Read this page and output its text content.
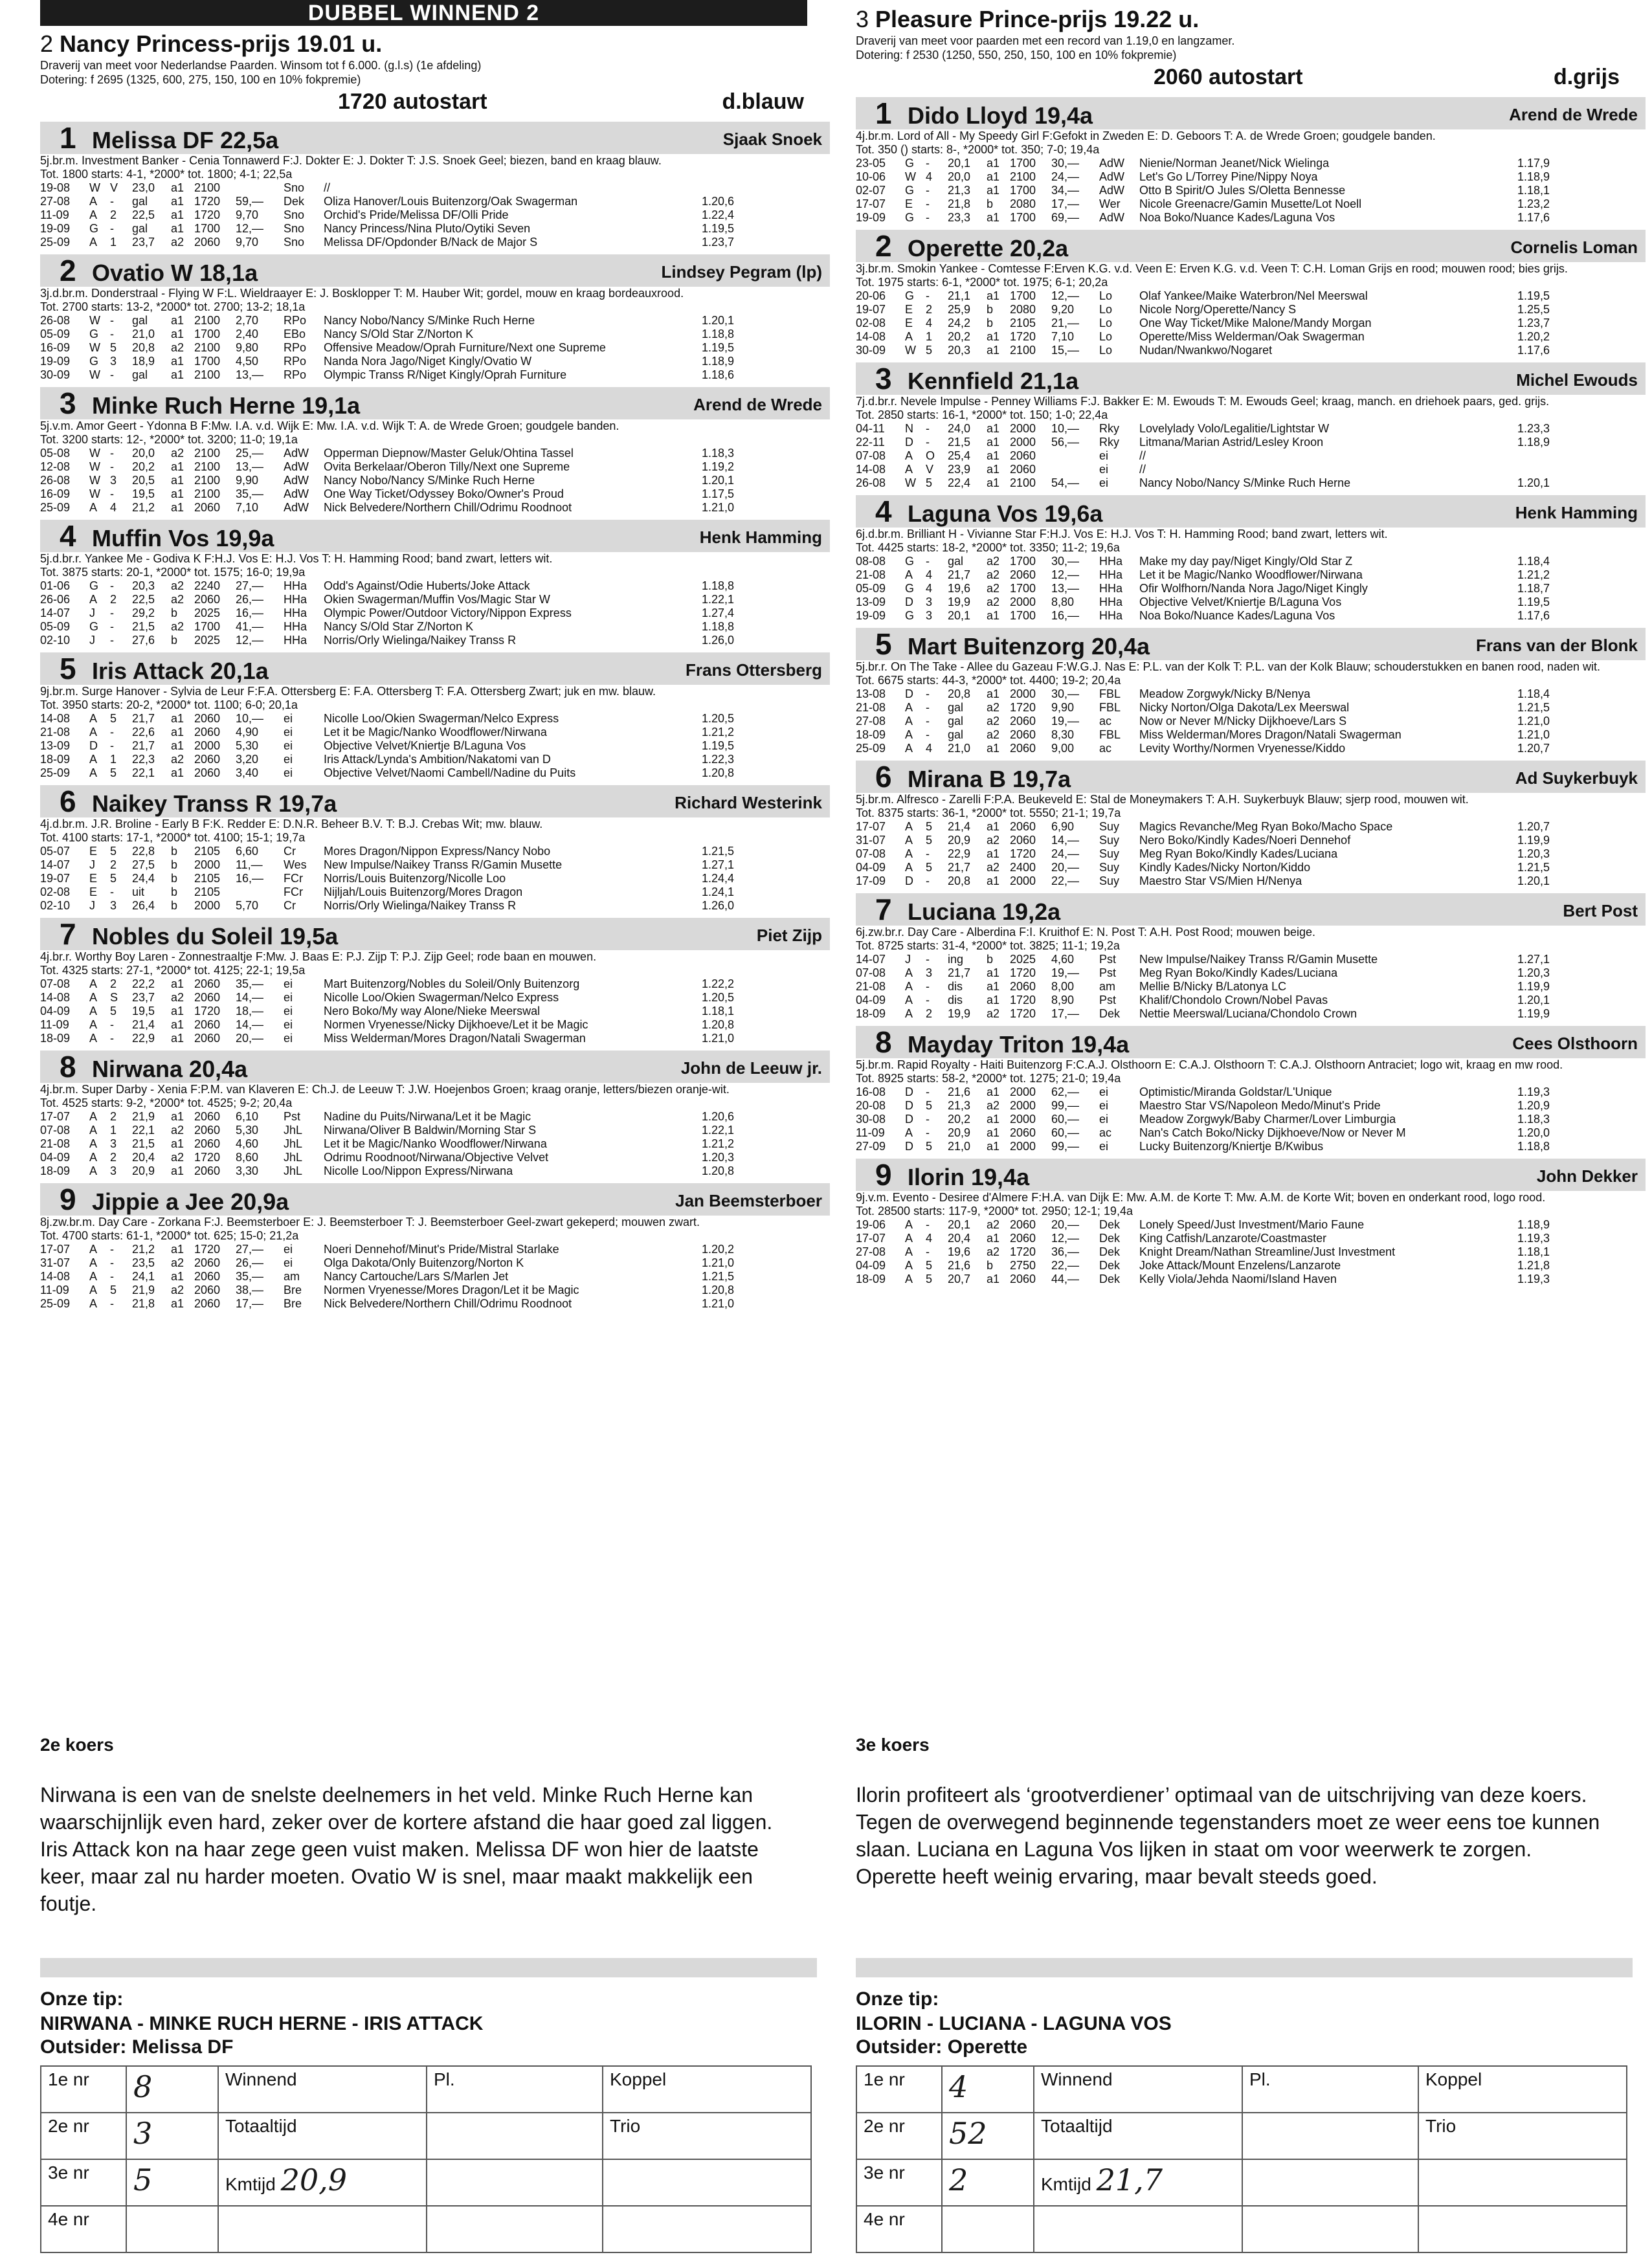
DUBBEL WINNEND 2
2 Nancy Princess-prijs 19.01 u.
Draverij van meet voor Nederlandse Paarden. Winsom tot f 6.000. (g.l.s) (1e afdeling)
Dotering: f 2695 (1325, 600, 275, 150, 100 en 10% fokpremie)
1720 autostart	d.blauw
1 Melissa DF 22,5a	Sjaak Snoek
5j.br.m. Investment Banker - Cenia Tonnawerd F:J. Dokter E: J. Dokter T: J.S. Snoek Geel; biezen, band en kraag blauw.
Tot. 1800 starts: 4-1, *2000* tot. 1800; 4-1; 22,5a
19-08	W	V	23,0	a1	2100		Sno	//	
27-08	A	-	gal	a1	1720	59,—	Dek	Oliza Hanover/Louis Buitenzorg/Oak Swagerman	1.20,6
11-09	A	2	22,5	a1	1720	9,70	Sno	Orchid's Pride/Melissa DF/Olli Pride	1.22,4
19-09	G	-	gal	a1	1700	12,—	Sno	Nancy Princess/Nina Pluto/Oytiki Seven	1.19,5
25-09	A	1	23,7	a2	2060	9,70	Sno	Melissa DF/Opdonder B/Nack de Major S	1.23,7
2 Ovatio W 18,1a	Lindsey Pegram (lp)
3j.d.br.m. Donderstraal - Flying W F:L. Wieldraayer E: J. Bosklopper T: M. Hauber Wit; gordel, mouw en kraag bordeauxrood.
Tot. 2700 starts: 13-2, *2000* tot. 2700; 13-2; 18,1a
26-08	W	-	gal	a1	2100	2,70	RPo	Nancy Nobo/Nancy S/Minke Ruch Herne	1.20,1
05-09	G	-	21,0	a1	1700	2,40	EBo	Nancy S/Old Star Z/Norton K	1.18,8
16-09	W	5	20,8	a2	2100	9,80	RPo	Offensive Meadow/Oprah Furniture/Next one Supreme	1.19,5
19-09	G	3	18,9	a1	1700	4,50	RPo	Nanda Nora Jago/Niget Kingly/Ovatio W	1.18,9
30-09	W	-	gal	a1	2100	13,—	RPo	Olympic Transs R/Niget Kingly/Oprah Furniture	1.18,6
3 Minke Ruch Herne 19,1a	Arend de Wrede
5j.v.m. Amor Geert - Ydonna B F:Mw. I.A. v.d. Wijk E: Mw. I.A. v.d. Wijk T: A. de Wrede Groen; goudgele banden.
Tot. 3200 starts: 12-, *2000* tot. 3200; 11-0; 19,1a
05-08	W	-	20,0	a2	2100	25,—	AdW	Opperman Diepnow/Master Geluk/Ohtina Tassel	1.18,3
12-08	W	-	20,2	a1	2100	13,—	AdW	Ovita Berkelaar/Oberon Tilly/Next one Supreme	1.19,2
26-08	W	3	20,5	a1	2100	9,90	AdW	Nancy Nobo/Nancy S/Minke Ruch Herne	1.20,1
16-09	W	-	19,5	a1	2100	35,—	AdW	One Way Ticket/Odyssey Boko/Owner's Proud	1.17,5
25-09	A	4	21,2	a1	2060	7,10	AdW	Nick Belvedere/Northern Chill/Odrimu Roodnoot	1.21,0
4 Muffin Vos 19,9a	Henk Hamming
5j.d.br.r. Yankee Me - Godiva K F:H.J. Vos E: H.J. Vos T: H. Hamming Rood; band zwart, letters wit.
Tot. 3875 starts: 20-1, *2000* tot. 1575; 16-0; 19,9a
01-06	G	-	20,3	a2	2240	27,—	HHa	Odd's Against/Odie Huberts/Joke Attack	1.18,8
26-06	A	2	22,5	a2	2060	26,—	HHa	Okien Swagerman/Muffin Vos/Magic Star W	1.22,1
14-07	J	-	29,2	b	2025	16,—	HHa	Olympic Power/Outdoor Victory/Nippon Express	1.27,4
05-09	G	-	21,5	a2	1700	41,—	HHa	Nancy S/Old Star Z/Norton K	1.18,8
02-10	J	-	27,6	b	2025	12,—	HHa	Norris/Orly Wielinga/Naikey Transs R	1.26,0
5 Iris Attack 20,1a	Frans Ottersberg
9j.br.m. Surge Hanover - Sylvia de Leur F:F.A. Ottersberg E: F.A. Ottersberg T: F.A. Ottersberg Zwart; juk en mw. blauw.
Tot. 3950 starts: 20-2, *2000* tot. 1100; 6-0; 20,1a
14-08	A	5	21,7	a1	2060	10,—	ei	Nicolle Loo/Okien Swagerman/Nelco Express	1.20,5
21-08	A	-	22,6	a1	2060	4,90	ei	Let it be Magic/Nanko Woodflower/Nirwana	1.21,2
13-09	D	-	21,7	a1	2000	5,30	ei	Objective Velvet/Kniertje B/Laguna Vos	1.19,5
18-09	A	1	22,3	a2	2060	3,20	ei	Iris Attack/Lynda's Ambition/Nakatomi van D	1.22,3
25-09	A	5	22,1	a1	2060	3,40	ei	Objective Velvet/Naomi Cambell/Nadine du Puits	1.20,8
6 Naikey Transs R 19,7a	Richard Westerink
4j.d.br.m. J.R. Broline - Early B F:K. Redder E: D.N.R. Beheer B.V. T: B.J. Crebas Wit; mw. blauw.
Tot. 4100 starts: 17-1, *2000* tot. 4100; 15-1; 19,7a
05-07	E	5	22,8	b	2105	6,60	Cr	Mores Dragon/Nippon Express/Nancy Nobo	1.21,5
14-07	J	2	27,5	b	2000	11,—	Wes	New Impulse/Naikey Transs R/Gamin Musette	1.27,1
19-07	E	5	24,4	b	2105	16,—	FCr	Norris/Louis Buitenzorg/Nicolle Loo	1.24,4
02-08	E	-	uit	b	2105		FCr	Nijljah/Louis Buitenzorg/Mores Dragon	1.24,1
02-10	J	3	26,4	b	2000	5,70	Cr	Norris/Orly Wielinga/Naikey Transs R	1.26,0
7 Nobles du Soleil 19,5a	Piet Zijp
4j.br.r. Worthy Boy Laren - Zonnestraaltje F:Mw. J. Baas E: P.J. Zijp T: P.J. Zijp Geel; rode baan en mouwen.
Tot. 4325 starts: 27-1, *2000* tot. 4125; 22-1; 19,5a
07-08	A	2	22,2	a1	2060	35,—	ei	Mart Buitenzorg/Nobles du Soleil/Only Buitenzorg	1.22,2
14-08	A	S	23,7	a2	2060	14,—	ei	Nicolle Loo/Okien Swagerman/Nelco Express	1.20,5
04-09	A	5	19,5	a1	1720	18,—	ei	Nero Boko/My way Alone/Nieke Meerswal	1.18,1
11-09	A	-	21,4	a1	2060	14,—	ei	Normen Vryenesse/Nicky Dijkhoeve/Let it be Magic	1.20,8
18-09	A	-	22,9	a1	2060	20,—	ei	Miss Welderman/Mores Dragon/Natali Swagerman	1.21,0
8 Nirwana 20,4a	John de Leeuw jr.
4j.br.m. Super Darby - Xenia F:P.M. van Klaveren E: Ch.J. de Leeuw T: J.W. Hoejenbos Groen; kraag oranje, letters/biezen oranje-wit.
Tot. 4525 starts: 9-2, *2000* tot. 4525; 9-2; 20,4a
17-07	A	2	21,9	a1	2060	6,10	Pst	Nadine du Puits/Nirwana/Let it be Magic	1.20,6
07-08	A	1	22,1	a2	2060	5,30	JhL	Nirwana/Oliver B Baldwin/Morning Star S	1.22,1
21-08	A	3	21,5	a1	2060	4,60	JhL	Let it be Magic/Nanko Woodflower/Nirwana	1.21,2
04-09	A	2	20,4	a2	1720	8,60	JhL	Odrimu Roodnoot/Nirwana/Objective Velvet	1.20,3
18-09	A	3	20,9	a1	2060	3,30	JhL	Nicolle Loo/Nippon Express/Nirwana	1.20,8
9 Jippie a Jee 20,9a	Jan Beemsterboer
8j.zw.br.m. Day Care - Zorkana F:J. Beemsterboer E: J. Beemsterboer T: J. Beemsterboer Geel-zwart gekeperd; mouwen zwart.
Tot. 4700 starts: 61-1, *2000* tot. 625; 15-0; 21,2a
17-07	A	-	21,2	a1	1720	27,—	ei	Noeri Dennehof/Minut's Pride/Mistral Starlake	1.20,2
31-07	A	-	23,5	a2	2060	26,—	ei	Olga Dakota/Only Buitenzorg/Norton K	1.21,0
14-08	A	-	24,1	a1	2060	35,—	am	Nancy Cartouche/Lars S/Marlen Jet	1.21,5
11-09	A	5	21,9	a2	2060	38,—	Bre	Normen Vryenesse/Mores Dragon/Let it be Magic	1.20,8
25-09	A	-	21,8	a1	2060	17,—	Bre	Nick Belvedere/Northern Chill/Odrimu Roodnoot	1.21,0
3 Pleasure Prince-prijs 19.22 u.
Draverij van meet voor paarden met een record van 1.19,0 en langzamer.
Dotering: f 2530 (1250, 550, 250, 150, 100 en 10% fokpremie)
2060 autostart	d.grijs
1 Dido Lloyd 19,4a	Arend de Wrede
4j.br.m. Lord of All - My Speedy Girl F:Gefokt in Zweden E: D. Geboors T: A. de Wrede Groen; goudgele banden.
Tot. 350 () starts: 8-, *2000* tot. 350; 7-0; 19,4a
23-05	G	-	20,1	a1	1700	30,—	AdW	Nienie/Norman Jeanet/Nick Wielinga	1.17,9
10-06	W	4	20,0	a1	2100	24,—	AdW	Let's Go L/Torrey Pine/Nippy Noya	1.18,9
02-07	G	-	21,3	a1	1700	34,—	AdW	Otto B Spirit/O Jules S/Oletta Bennesse	1.18,1
17-07	E	-	21,8	b	2080	17,—	Wer	Nicole Greenacre/Gamin Musette/Lot Noell	1.23,2
19-09	G	-	23,3	a1	1700	69,—	AdW	Noa Boko/Nuance Kades/Laguna Vos	1.17,6
2 Operette 20,2a	Cornelis Loman
3j.br.m. Smokin Yankee - Comtesse F:Erven K.G. v.d. Veen E: Erven K.G. v.d. Veen T: C.H. Loman Grijs en rood; mouwen rood; bies grijs.
Tot. 1975 starts: 6-1, *2000* tot. 1975; 6-1; 20,2a
20-06	G	-	21,1	a1	1700	12,—	Lo	Olaf Yankee/Maike Waterbron/Nel Meerswal	1.19,5
19-07	E	2	25,9	b	2080	9,20	Lo	Nicole Norg/Operette/Nancy S	1.25,5
02-08	E	4	24,2	b	2105	21,—	Lo	One Way Ticket/Mike Malone/Mandy Morgan	1.23,7
14-08	A	1	20,2	a1	1720	7,10	Lo	Operette/Miss Welderman/Oak Swagerman	1.20,2
30-09	W	5	20,3	a1	2100	15,—	Lo	Nudan/Nwankwo/Nogaret	1.17,6
3 Kennfield 21,1a	Michel Ewouds
7j.d.br.r. Nevele Impulse - Penney Williams F:J. Bakker E: M. Ewouds T: M. Ewouds Geel; kraag, manch. en driehoek paars, ged. grijs.
Tot. 2850 starts: 16-1, *2000* tot. 150; 1-0; 22,4a
04-11	N	-	24,0	a1	2000	10,—	Rky	Lovelylady Volo/Legalitie/Lightstar W	1.23,3
22-11	D	-	21,5	a1	2000	56,—	Rky	Litmana/Marian Astrid/Lesley Kroon	1.18,9
07-08	A	O	25,4	a1	2060		ei	//	
14-08	A	V	23,9	a1	2060		ei	//	
26-08	W	5	22,4	a1	2100	54,—	ei	Nancy Nobo/Nancy S/Minke Ruch Herne	1.20,1
4 Laguna Vos 19,6a	Henk Hamming
6j.d.br.m. Brilliant H - Vivianne Star F:H.J. Vos E: H.J. Vos T: H. Hamming Rood; band zwart, letters wit.
Tot. 4425 starts: 18-2, *2000* tot. 3350; 11-2; 19,6a
08-08	G	-	gal	a2	1700	30,—	HHa	Make my day pay/Niget Kingly/Old Star Z	1.18,4
21-08	A	4	21,7	a2	2060	12,—	HHa	Let it be Magic/Nanko Woodflower/Nirwana	1.21,2
05-09	G	4	19,6	a2	1700	13,—	HHa	Ofir Wolfhorn/Nanda Nora Jago/Niget Kingly	1.18,7
13-09	D	3	19,9	a2	2000	8,80	HHa	Objective Velvet/Kniertje B/Laguna Vos	1.19,5
19-09	G	3	20,1	a1	1700	16,—	HHa	Noa Boko/Nuance Kades/Laguna Vos	1.17,6
5 Mart Buitenzorg 20,4a	Frans van der Blonk
5j.br.r. On The Take - Allee du Gazeau F:W.G.J. Nas E: P.L. van der Kolk T: P.L. van der Kolk Blauw; schouderstukken en banen rood, naden wit.
Tot. 6675 starts: 44-3, *2000* tot. 4400; 19-2; 20,4a
13-08	D	-	20,8	a1	2000	30,—	FBL	Meadow Zorgwyk/Nicky B/Nenya	1.18,4
21-08	A	-	gal	a2	1720	9,90	FBL	Nicky Norton/Olga Dakota/Lex Meerswal	1.21,5
27-08	A	-	gal	a2	2060	19,—	ac	Now or Never M/Nicky Dijkhoeve/Lars S	1.21,0
18-09	A	-	gal	a2	2060	8,30	FBL	Miss Welderman/Mores Dragon/Natali Swagerman	1.21,0
25-09	A	4	21,0	a1	2060	9,00	ac	Levity Worthy/Normen Vryenesse/Kiddo	1.20,7
6 Mirana B 19,7a	Ad Suykerbuyk
5j.br.m. Alfresco - Zarelli F:P.A. Beukeveld E: Stal de Moneymakers T: A.H. Suykerbuyk Blauw; sjerp rood, mouwen wit.
Tot. 8375 starts: 36-1, *2000* tot. 5550; 21-1; 19,7a
17-07	A	5	21,4	a1	2060	6,90	Suy	Magics Revanche/Meg Ryan Boko/Macho Space	1.20,7
31-07	A	5	20,9	a2	2060	14,—	Suy	Nero Boko/Kindly Kades/Noeri Dennehof	1.19,9
07-08	A	-	22,9	a1	1720	24,—	Suy	Meg Ryan Boko/Kindly Kades/Luciana	1.20,3
04-09	A	5	21,7	a2	2400	20,—	Suy	Kindly Kades/Nicky Norton/Kiddo	1.21,5
17-09	D	-	20,8	a1	2000	22,—	Suy	Maestro Star VS/Mien H/Nenya	1.20,1
7 Luciana 19,2a	Bert Post
6j.zw.br.r. Day Care - Alberdina F:I. Kruithof E: N. Post T: A.H. Post Rood; mouwen beige.
Tot. 8725 starts: 31-4, *2000* tot. 3825; 11-1; 19,2a
14-07	J	-	ing	b	2025	4,60	Pst	New Impulse/Naikey Transs R/Gamin Musette	1.27,1
07-08	A	3	21,7	a1	1720	19,—	Pst	Meg Ryan Boko/Kindly Kades/Luciana	1.20,3
21-08	A	-	dis	a1	2060	8,00	am	Mellie B/Nicky B/Latonya LC	1.19,9
04-09	A	-	dis	a1	1720	8,90	Pst	Khalif/Chondolo Crown/Nobel Pavas	1.20,1
18-09	A	2	19,9	a2	1720	17,—	Dek	Nettie Meerswal/Luciana/Chondolo Crown	1.19,9
8 Mayday Triton 19,4a	Cees Olsthoorn
5j.br.m. Rapid Royalty - Haiti Buitenzorg F:C.A.J. Olsthoorn E: C.A.J. Olsthoorn T: C.A.J. Olsthoorn Antraciet; logo wit, kraag en mw rood.
Tot. 8925 starts: 58-2, *2000* tot. 1275; 21-0; 19,4a
16-08	D	-	21,6	a1	2000	62,—	ei	Optimistic/Miranda Goldstar/L'Unique	1.19,3
20-08	D	5	21,3	a2	2000	99,—	ei	Maestro Star VS/Napoleon Medo/Minut's Pride	1.20,9
30-08	D	-	20,2	a1	2000	60,—	ei	Meadow Zorgwyk/Baby Charmer/Lover Limburgia	1.18,3
11-09	A	-	20,9	a1	2060	60,—	ac	Nan's Catch Boko/Nicky Dijkhoeve/Now or Never M	1.20,0
27-09	D	5	21,0	a1	2000	99,—	ei	Lucky Buitenzorg/Kniertje B/Kwibus	1.18,8
9 Ilorin 19,4a	John Dekker
9j.v.m. Evento - Desiree d'Almere F:H.A. van Dijk E: Mw. A.M. de Korte T: Mw. A.M. de Korte Wit; boven en onderkant rood, logo rood.
Tot. 28500 starts: 117-9, *2000* tot. 2950; 12-1; 19,4a
19-06	A	-	20,1	a2	2060	20,—	Dek	Lonely Speed/Just Investment/Mario Faune	1.18,9
17-07	A	4	20,4	a1	2060	12,—	Dek	King Catfish/Lanzarote/Coastmaster	1.19,3
27-08	A	-	19,6	a2	1720	36,—	Dek	Knight Dream/Nathan Streamline/Just Investment	1.18,1
04-09	A	5	21,6	b	2750	22,—	Dek	Joke Attack/Mount Enzelens/Lanzarote	1.21,8
18-09	A	5	20,7	a1	2060	44,—	Dek	Kelly Viola/Jehda Naomi/Island Haven	1.19,3
2e koers
Nirwana is een van de snelste deelnemers in het veld. Minke Ruch Herne kan waarschijnlijk even hard, zeker over de kortere afstand die haar goed zal liggen. Iris Attack kon na haar zege geen vuist maken. Melissa DF won hier de laatste keer, maar zal nu harder moeten. Ovatio W is snel, maar maakt makkelijk een foutje.
Onze tip:
NIRWANA - MINKE RUCH HERNE - IRIS ATTACK
Outsider: Melissa DF
1e nr	8	Winnend	Pl.	Koppel
2e nr	3	Totaaltijd		Trio
3e nr	5	Kmtijd 20,9		
4e nr				
3e koers
Ilorin profiteert als ‘grootverdiener’ optimaal van de uitschrijving van deze koers. Tegen de overwegend beginnende tegenstanders moet ze weer eens toe kunnen slaan. Luciana en Laguna Vos lijken in staat om voor weerwerk te zorgen. Operette heeft weinig ervaring, maar bevalt steeds goed.
Onze tip:
ILORIN - LUCIANA - LAGUNA VOS
Outsider: Operette
1e nr	4	Winnend	Pl.	Koppel
2e nr	52	Totaaltijd		Trio
3e nr	2	Kmtijd 21,7		
4e nr				
